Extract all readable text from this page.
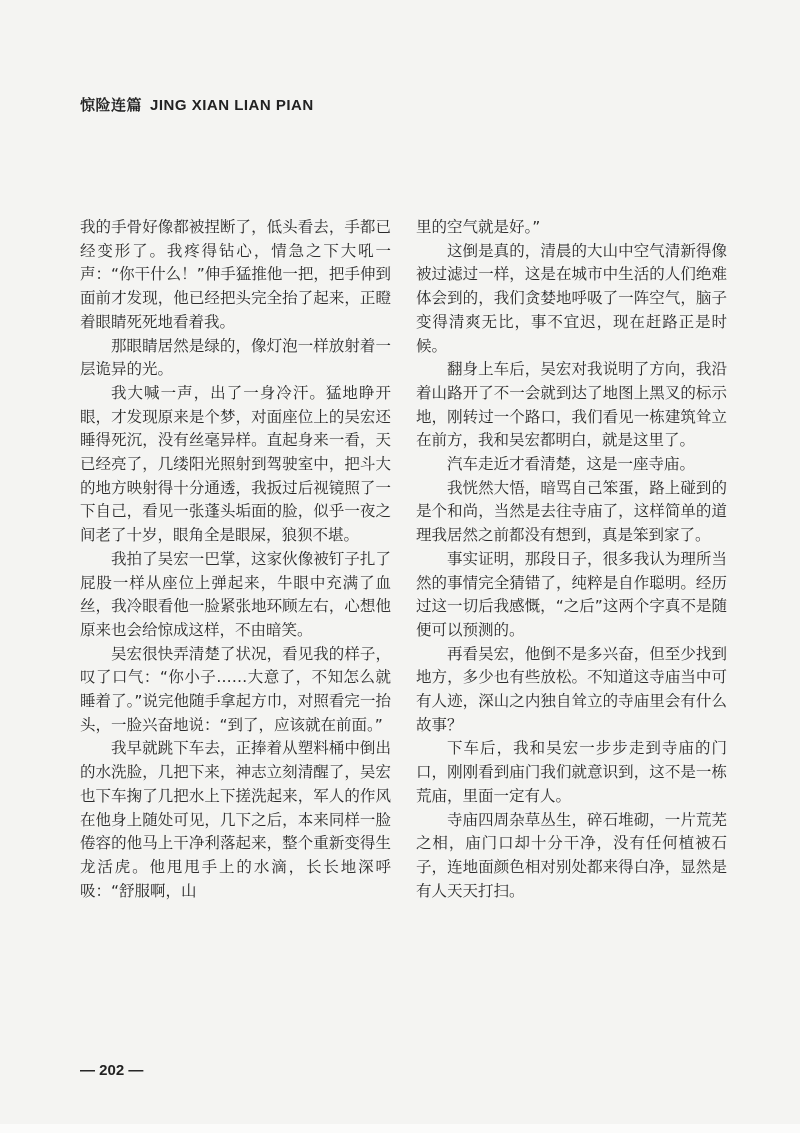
惊险连篇 JING XIAN LIAN PIAN

我的手骨好像都被捏断了，低头看去，手都已经变形了。我疼得钻心，情急之下大吼一声：“你干什么！”伸手猛推他一把，把手伸到面前才发现，他已经把头完全抬了起来，正瞪着眼睛死死地看着我。

那眼睛居然是绿的，像灯泡一样放射着一层诡异的光。

我大喊一声，出了一身冷汗。猛地睁开眼，才发现原来是个梦，对面座位上的吴宏还睡得死沉，没有丝毫异样。直起身来一看，天已经亮了，几缕阳光照射到驾驶室中，把斗大的地方映射得十分通透，我扳过后视镜照了一下自己，看见一张蓬头垢面的脸，似乎一夜之间老了十岁，眼角全是眼屎，狼狈不堪。

我拍了吴宏一巴掌，这家伙像被钉子扎了屁股一样从座位上弹起来，牛眼中充满了血丝，我冷眼看他一脸紧张地环顾左右，心想他原来也会给惊成这样，不由暗笑。

吴宏很快弄清楚了状况，看见我的样子，叹了口气：“你小子……大意了，不知怎么就睡着了。”说完他随手拿起方巾，对照看完一抬头，一脸兴奋地说：“到了，应该就在前面。”

我早就跳下车去，正捧着从塑料桶中倒出的水洗脸，几把下来，神志立刻清醒了，吴宏也下车掬了几把水上下搓洗起来，军人的作风在他身上随处可见，几下之后，本来同样一脸倦容的他马上干净利落起来，整个重新变得生龙活虎。他甩甩手上的水滴，长长地深呼吸：“舒服啊，山

里的空气就是好。”

这倒是真的，清晨的大山中空气清新得像被过滤过一样，这是在城市中生活的人们绝难体会到的，我们贪婪地呼吸了一阵空气，脑子变得清爽无比，事不宜迟，现在赶路正是时候。

翻身上车后，吴宏对我说明了方向，我沿着山路开了不一会就到达了地图上黑叉的标示地，刚转过一个路口，我们看见一栋建筑耸立在前方，我和吴宏都明白，就是这里了。

汽车走近才看清楚，这是一座寺庙。

我恍然大悟，暗骂自己笨蛋，路上碰到的是个和尚，当然是去往寺庙了，这样简单的道理我居然之前都没有想到，真是笨到家了。

事实证明，那段日子，很多我认为理所当然的事情完全猜错了，纯粹是自作聪明。经历过这一切后我感慨，“之后”这两个字真不是随便可以预测的。

再看吴宏，他倒不是多兴奋，但至少找到地方，多少也有些放松。不知道这寺庙当中可有人迹，深山之内独自耸立的寺庙里会有什么故事？

下车后，我和吴宏一步步走到寺庙的门口，刚刚看到庙门我们就意识到，这不是一栋荒庙，里面一定有人。

寺庙四周杂草丛生，碎石堆砌，一片荒芜之相，庙门口却十分干净，没有任何植被石子，连地面颜色相对别处都来得白净，显然是有人天天打扫。

— 202 —
